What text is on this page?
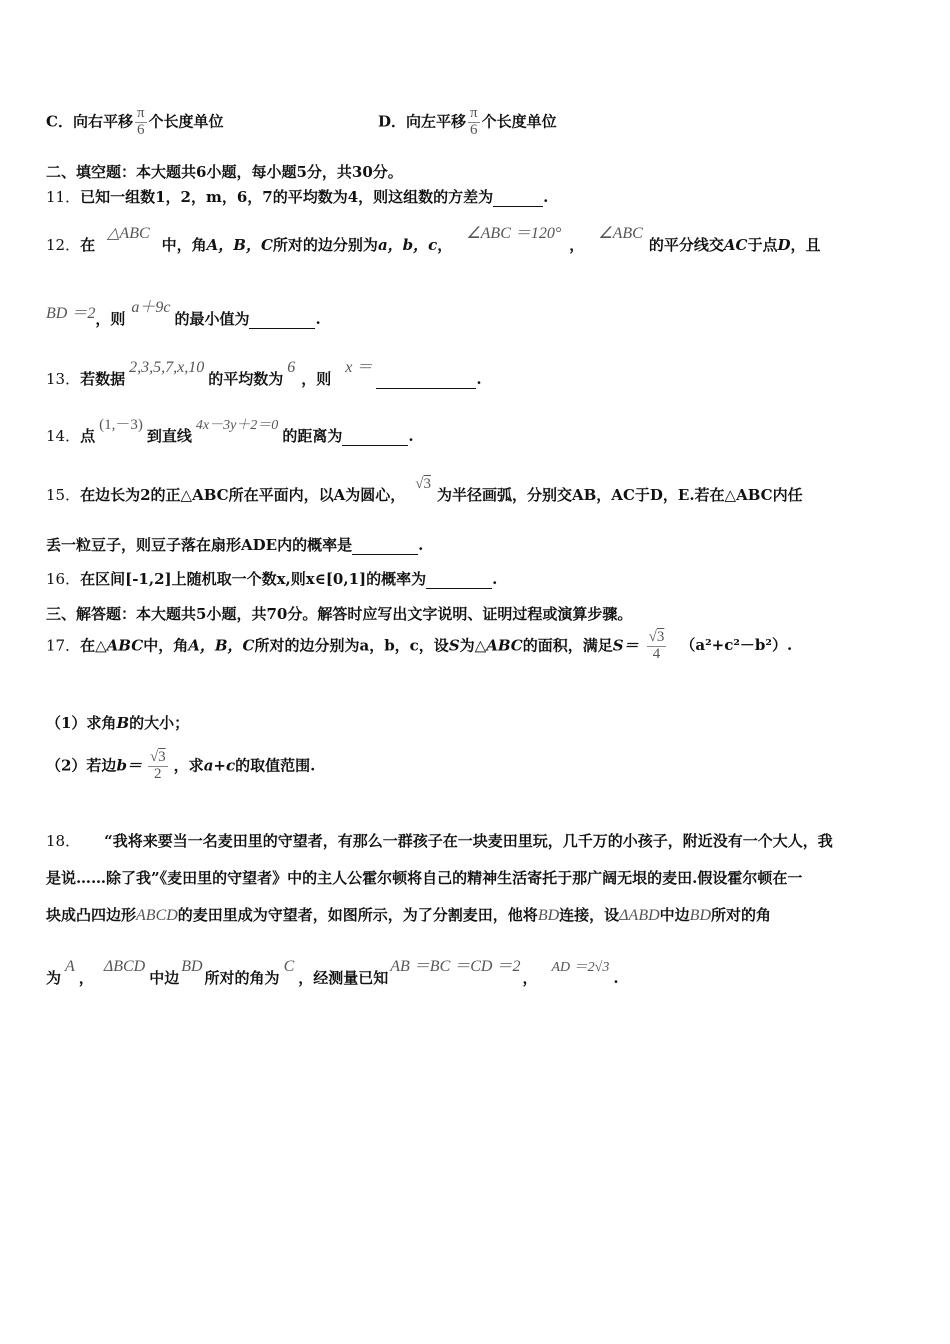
C．向右平移 $\frac{\pi}{6}$ 个长度单位	D．向左平移 $\frac{\pi}{6}$ 个长度单位
二、填空题：本大题共6小题，每小题5分，共30分。
11．已知一组数1，2，m，6，7的平均数为4，则这组数的方差为	.
12．在△ABC中，角A，B，C所对的边分别为a，b，c，∠ABC ＝120°，∠ABC的平分线交AC于点D，且
BD ＝2，则a＋9c的最小值为	.
13．若数据2,3,5,7,x,10的平均数为6，则x ＝ .
14．点(1,－3)到直线4x－3y＋2＝0的距离为	.
15．在边长为2的正△ABC所在平面内，以A为圆心，√3为半径画弧，分别交AB，AC于D，E.若在△ABC内任
丢一粒豆子，则豆子落在扇形ADE内的概率是	.
16．在区间[-1,2]上随机取一个数x,则x∈[0,1]的概率为	.
三、解答题：本大题共5小题，共70分。解答时应写出文字说明、证明过程或演算步骤。
17．在△ABC中，角A，B，C所对的边分别为a，b，c，设S为△ABC的面积，满足$S= \frac{√3}{4} (a^2+c^2-b^2)$.
（1）求角B的大小；
（2）若边$b= \frac{√3}{2}$ ，求a+c的取值范围.
18． “我将来要当一名麦田里的守望者，有那么一群孩子在一块麦田里玩，几千万的小孩子，附近没有一个大人，我
是说……除了我”《麦田里的守望者》中的主人公霍尔顿将自己的精神生活寄托于那广阔无垠的麦田.假设霍尔顿在一
块成凸四边形ABCD的麦田里成为守望者，如图所示，为了分割麦田，他将BD连接，设ΔABD中边BD所对的角
为A，ΔBCD中边BD所对的角为C，经测量已知AB ＝BC ＝CD ＝2，AD ＝2√3.
